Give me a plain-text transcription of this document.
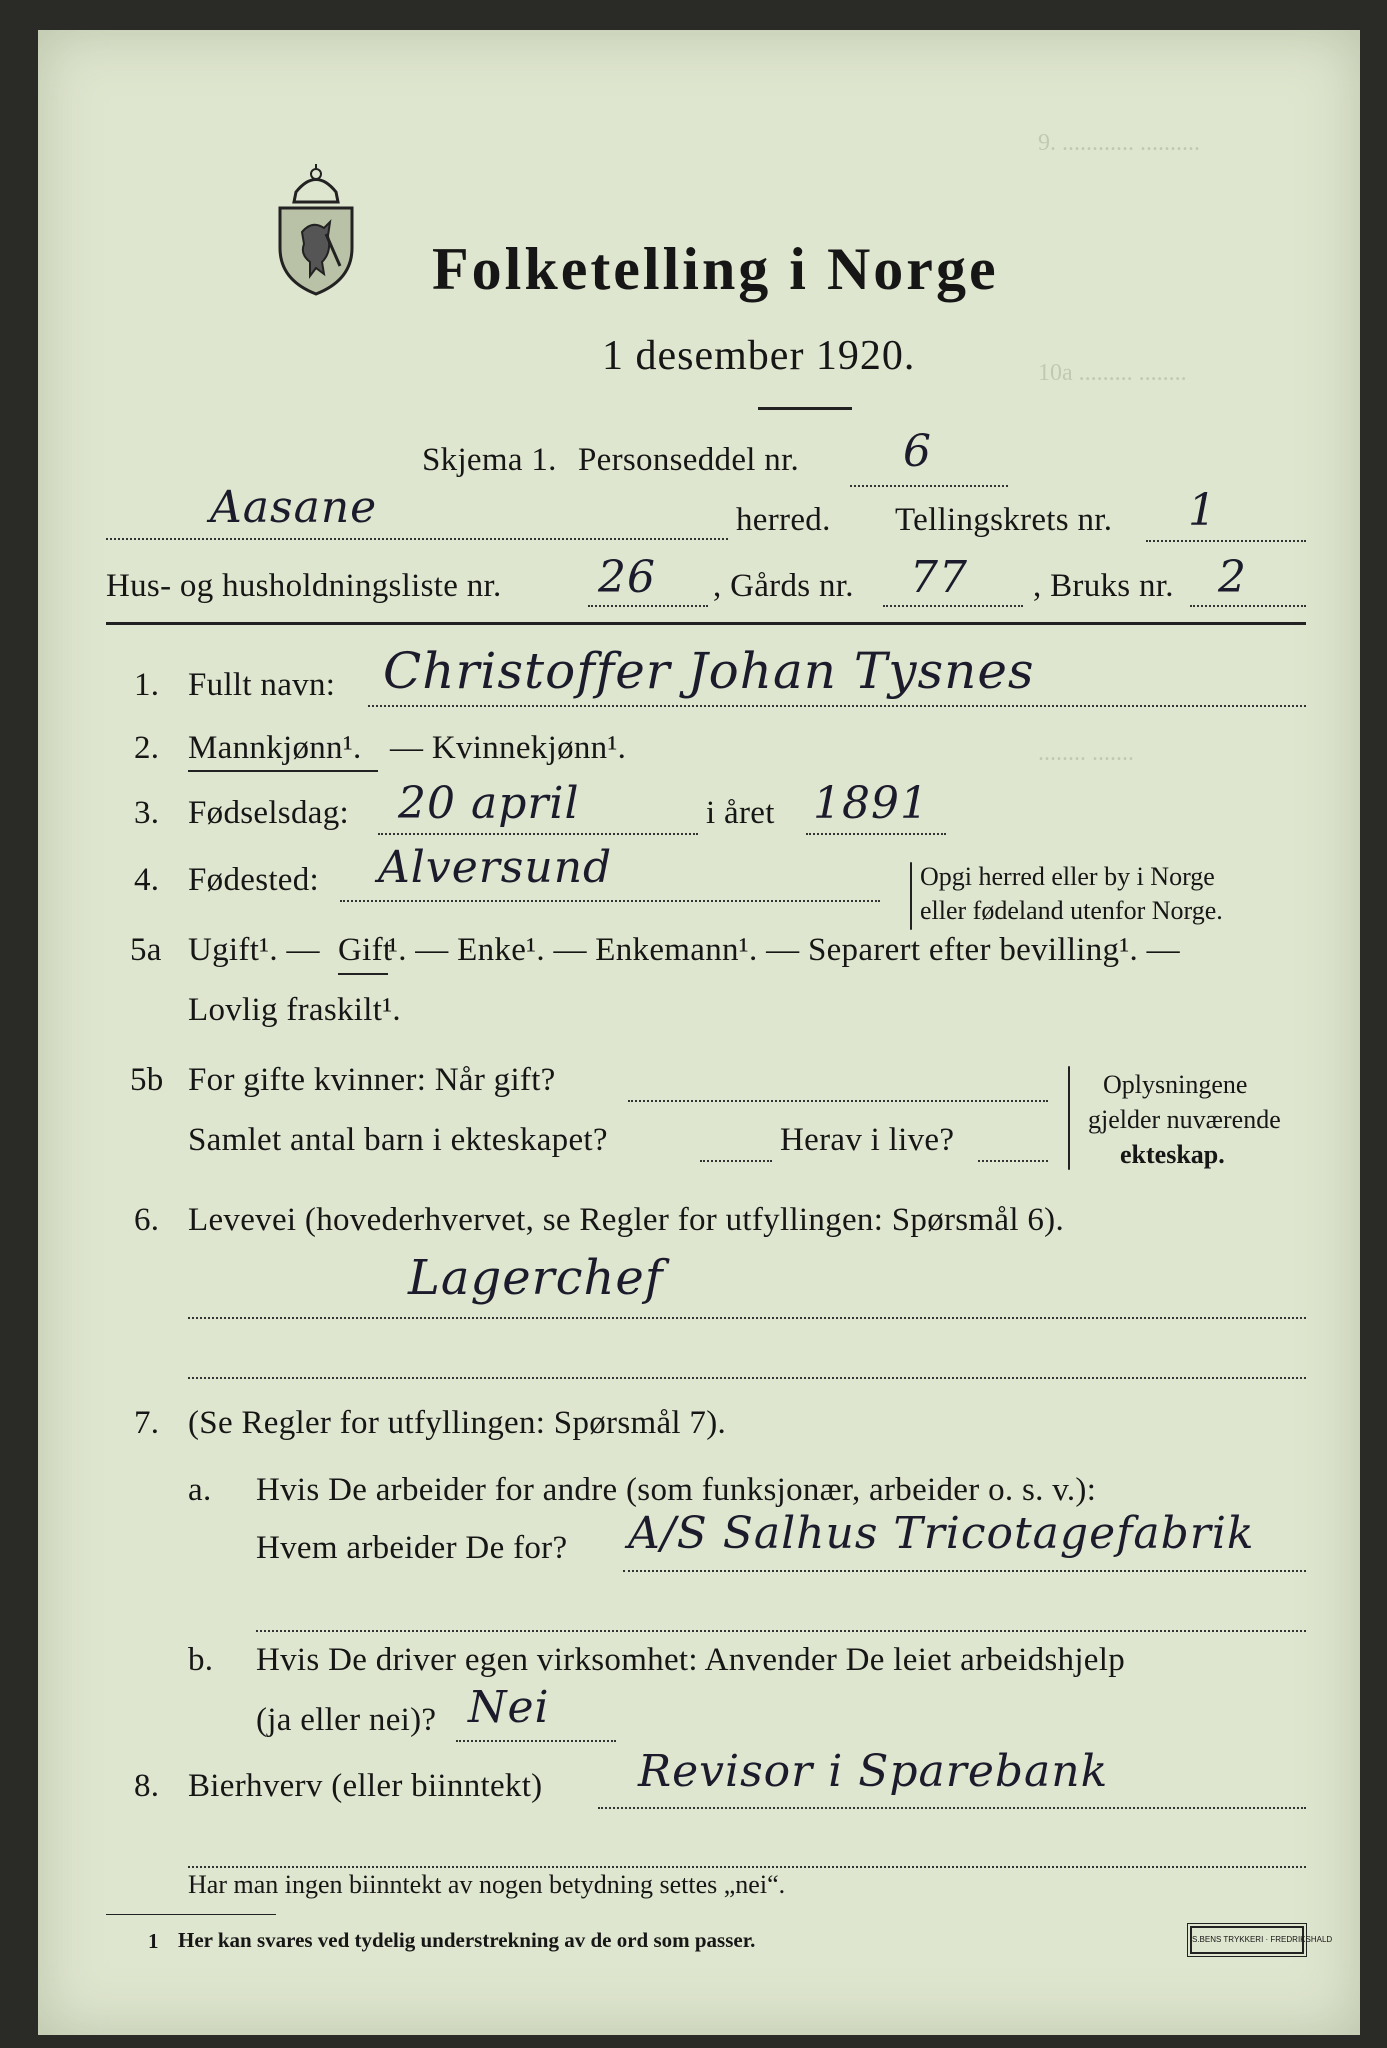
9. ............ ..........
10a ......... ........
........ .......
Folketelling i Norge
1 desember 1920.
Skjema 1. Personseddel nr. 6
Aasane	herred. Tellingskrets nr. 1
Hus- og husholdningsliste nr. 26 , Gårds nr. 77 , Bruks nr. 2
1. Fullt navn: Christoffer Johan Tysnes
2. Mannkjønn¹. — Kvinnekjønn¹.
3. Fødselsdag: 20 april	i året 1891
4. Fødested: Alversund	Opgi herred eller by i Norge
eller fødeland utenfor Norge.
5a Ugift¹. — Gift
¹. — Enke¹. — Enkemann¹. — Separert efter bevilling¹. —
Lovlig fraskilt¹.
5b For gifte kvinner: Når gift?
Samlet antal barn i ekteskapet?	Herav i live?
Oplysningene
gjelder nuværende
ekteskap.
6. Levevei (hovederhvervet, se Regler for utfyllingen: Spørsmål 6).
Lagerchef
7. (Se Regler for utfyllingen: Spørsmål 7).
a. Hvis De arbeider for andre (som funksjonær, arbeider o. s. v.):
Hvem arbeider De for? A/S Salhus Tricotagefabrik
b. Hvis De driver egen virksomhet: Anvender De leiet arbeidshjelp
(ja eller nei)? Nei
8. Bierhverv (eller biinntekt) Revisor i Sparebank
Har man ingen biinntekt av nogen betydning settes „nei“.
1 Her kan svares ved tydelig understrekning av de ord som passer.	S.BENS TRYKKERI · FREDRIKSHALD
